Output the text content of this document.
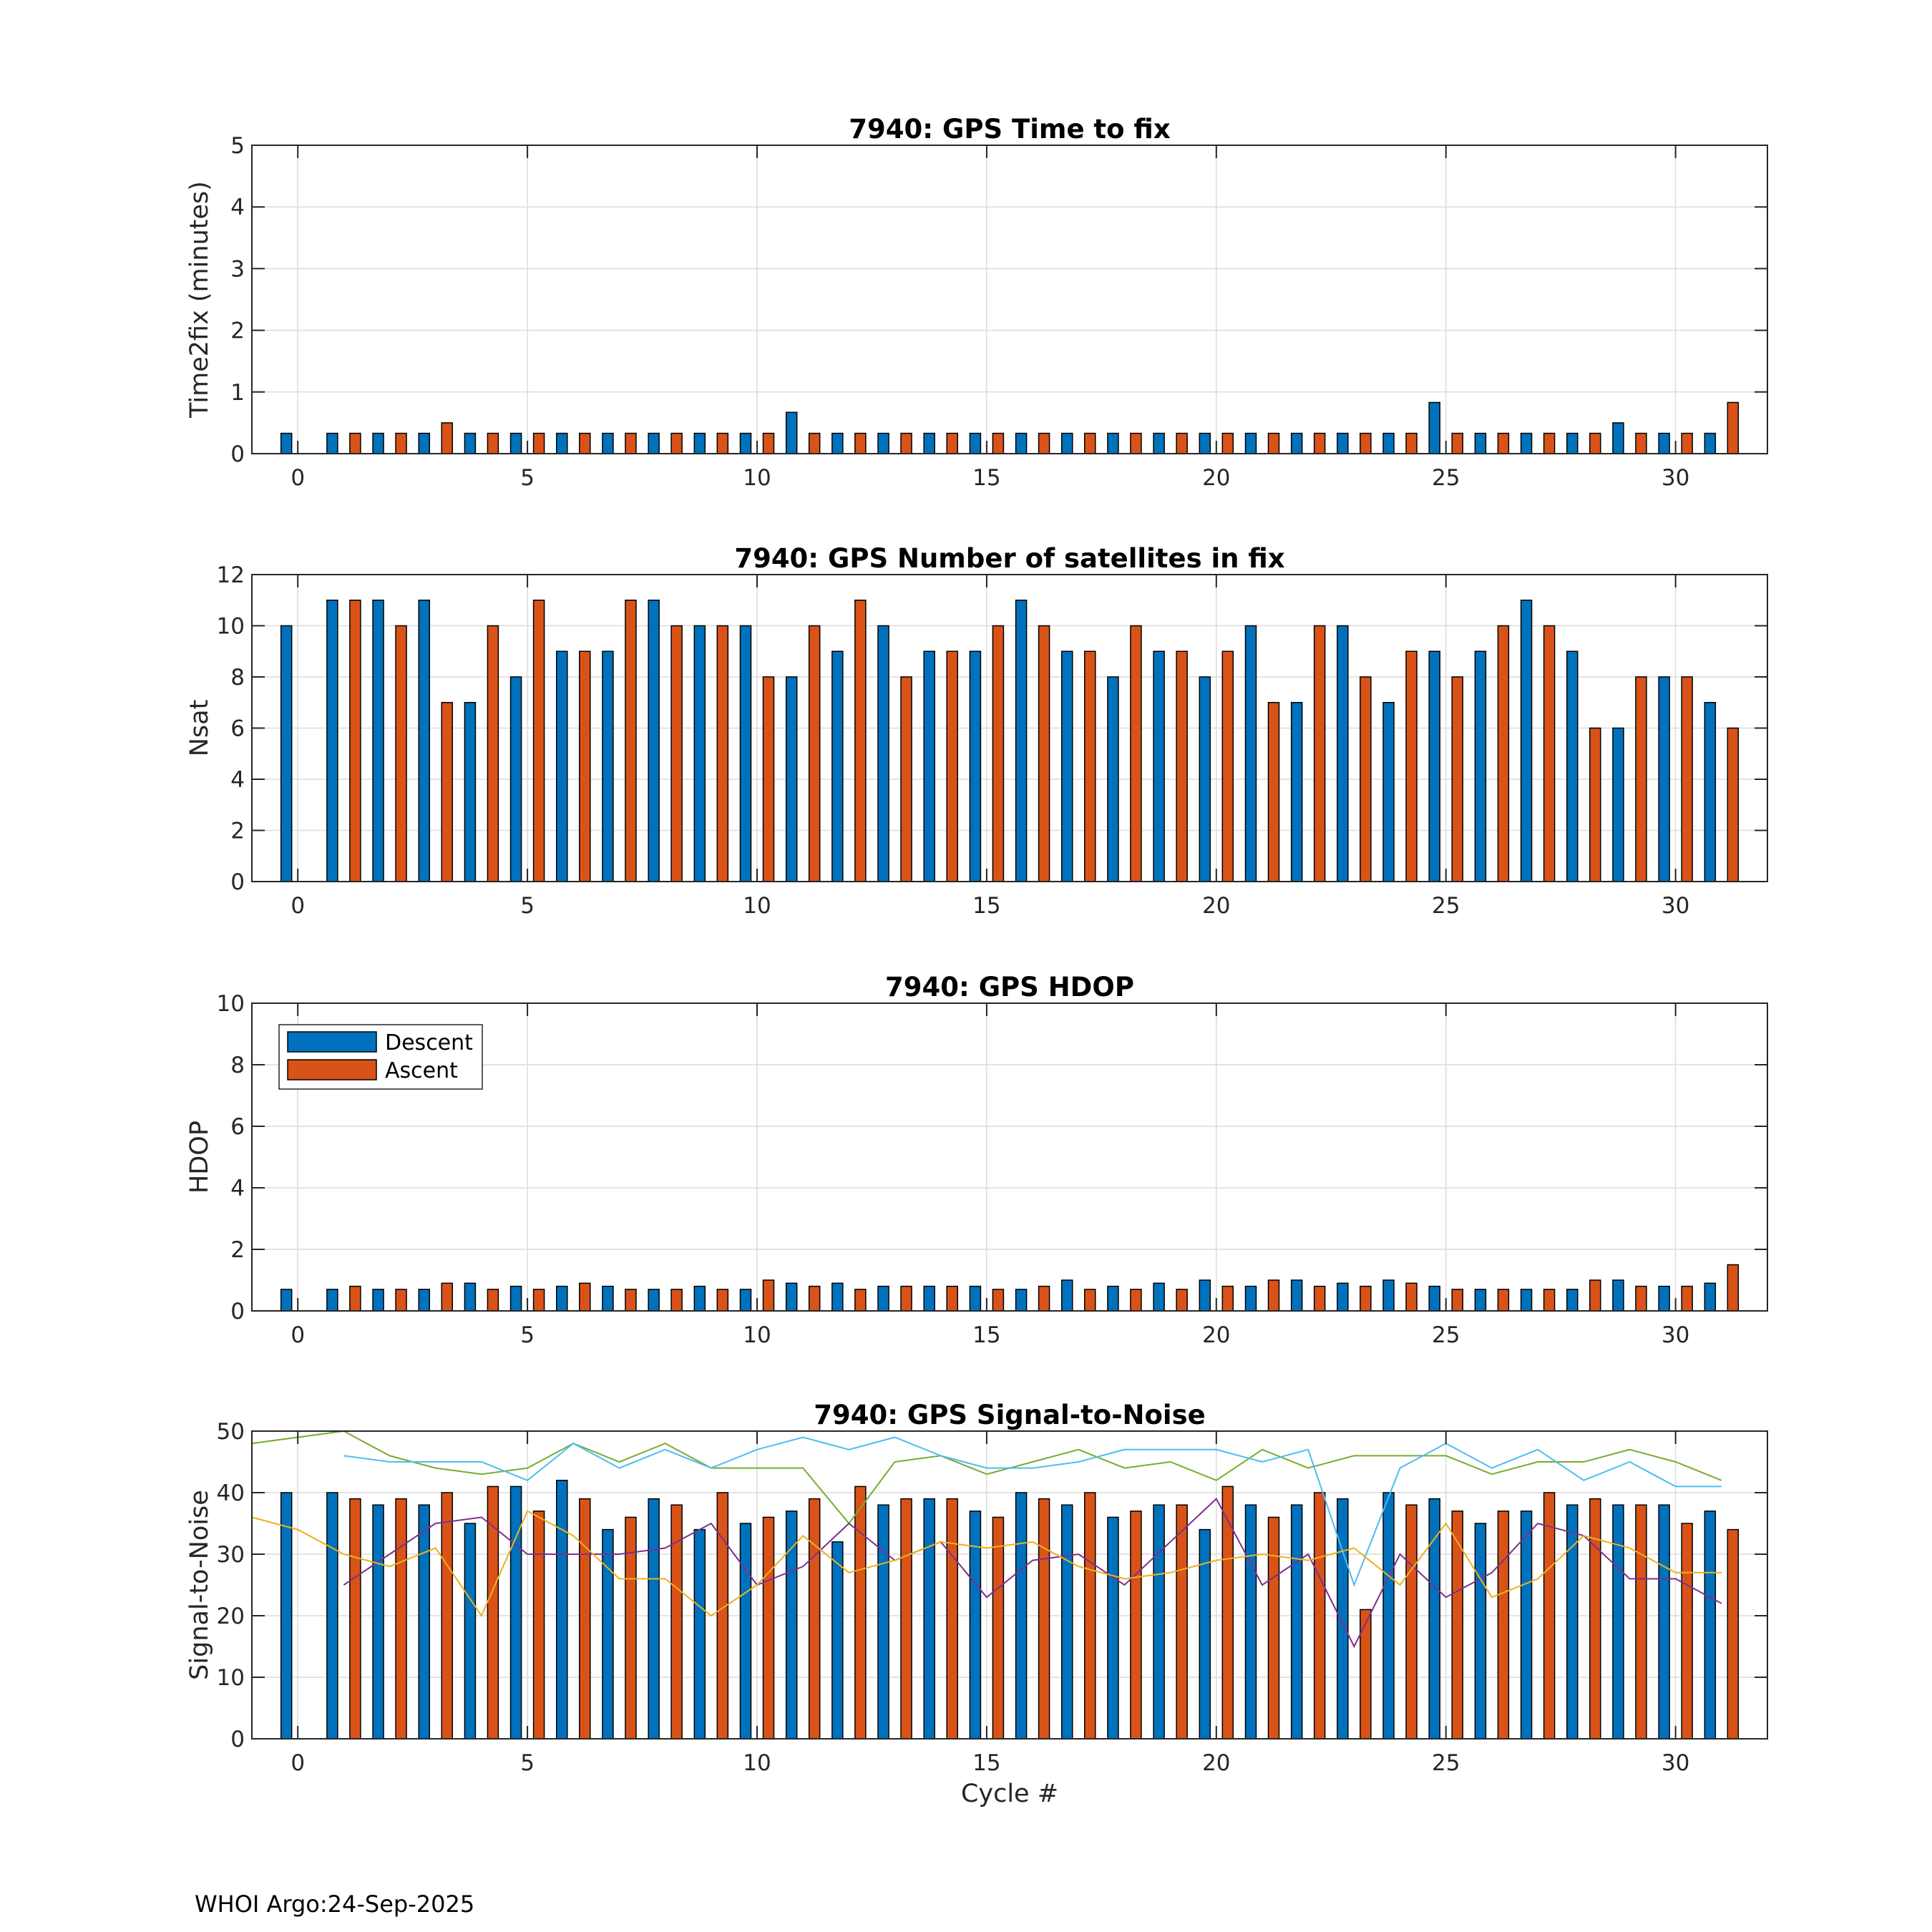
0	5	10	15	20	25	30
0
1
2
3
4
5
7940: GPS Time to fix
Time2fix (minutes)
0	5	10	15	20	25	30
0
2
4
6
8
10
12
7940: GPS Number of satellites in fix
Nsat
0	5	10	15	20	25	30
0
2
4
6
8
10
7940: GPS HDOP
HDOP
Descent
Ascent
0	5	10	15	20	25	30
0
10
20
30
40
50
7940: GPS Signal-to-Noise
Signal-to-Noise
Cycle #
WHOI Argo:24-Sep-2025
